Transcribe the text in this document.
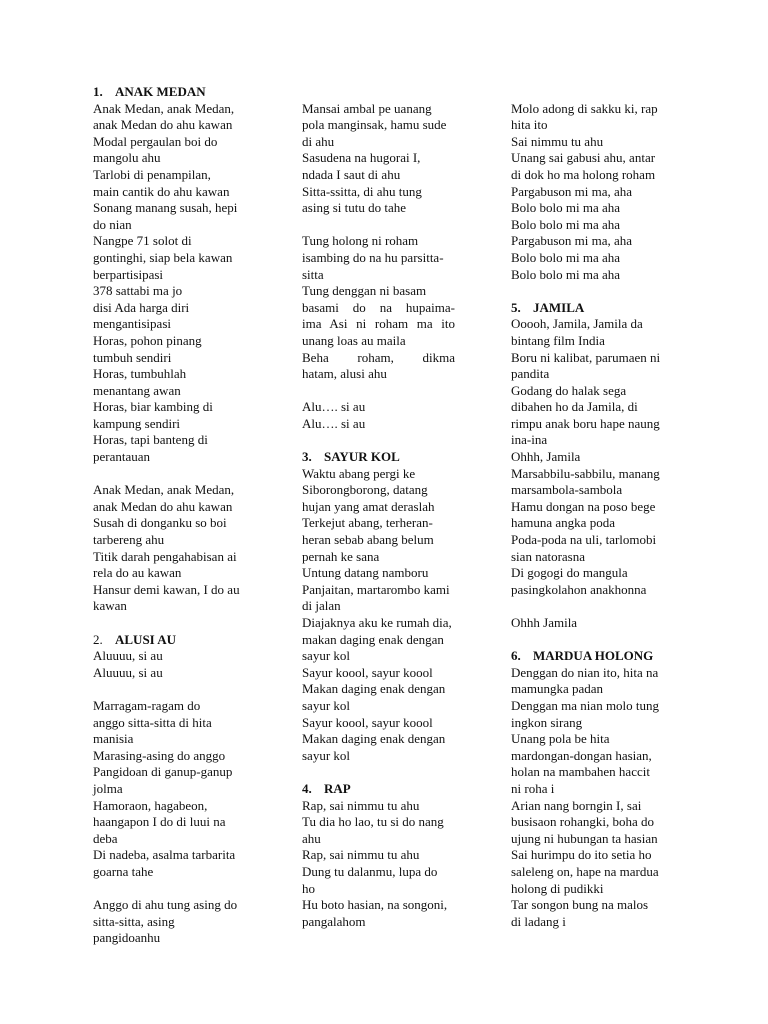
1. ANAK MEDAN

Anak Medan, anak Medan,

anak Medan do ahu kawan

Modal pergaulan boi do

mangolu ahu

Tarlobi di penampilan,

main cantik do ahu kawan

Sonang manang susah, hepi

do nian

Nangpe 71 solot di

gontinghi, siap bela kawan

berpartisipasi

378 sattabi ma jo

disi Ada harga diri

mengantisipasi

Horas, pohon pinang

tumbuh sendiri

Horas, tumbuhlah

menantang awan

Horas, biar kambing di

kampung sendiri

Horas, tapi banteng di

perantauan

Anak Medan, anak Medan,

anak Medan do ahu kawan

Susah di donganku so boi

tarbereng ahu

Titik darah pengahabisan ai

rela do au kawan

Hansur demi kawan, I do au

kawan

2. ALUSI AU

Aluuuu, si au

Aluuuu, si au

Marragam-ragam do

anggo sitta-sitta di hita

manisia

Marasing-asing do anggo

Pangidoan di ganup-ganup

jolma

Hamoraon, hagabeon,

haangapon I do di luui na

deba

Di nadeba, asalma tarbarita

goarna tahe

Anggo di ahu tung asing do

sitta-sitta, asing

pangidoanhu

Mansai ambal pe uanang

pola manginsak, hamu sude

di ahu

Sasudena na hugorai I,

ndada I saut di ahu

Sitta-ssitta, di ahu tung

asing si tutu do tahe

Tung holong ni roham

isambing do na hu parsitta-

sitta

Tung denggan ni basam

basami do na hupaima-

ima Asi ni roham ma ito

unang loas au maila

Beha roham, dikma

hatam, alusi ahu

Alu…. si au

Alu…. si au

3. SAYUR KOL

Waktu abang pergi ke

Siborongborong, datang

hujan yang amat deraslah

Terkejut abang, terheran-

heran sebab abang belum

pernah ke sana

Untung datang namboru

Panjaitan, martarombo kami

di jalan

Diajaknya aku ke rumah dia,

makan daging enak dengan

sayur kol

Sayur koool, sayur koool

Makan daging enak dengan

sayur kol

Sayur koool, sayur koool

Makan daging enak dengan

sayur kol

4. RAP

Rap, sai nimmu tu ahu

Tu dia ho lao, tu si do nang

ahu

Rap, sai nimmu tu ahu

Dung tu dalanmu, lupa do

ho

Hu boto hasian, na songoni,

pangalahom

Molo adong di sakku ki, rap

hita ito

Sai nimmu tu ahu

Unang sai gabusi ahu, antar

di dok ho ma holong roham

Pargabuson mi ma, aha

Bolo bolo mi ma aha

Bolo bolo mi ma aha

Pargabuson mi ma, aha

Bolo bolo mi ma aha

Bolo bolo mi ma aha

5. JAMILA

Ooooh, Jamila, Jamila da

bintang film India

Boru ni kalibat, parumaen ni

pandita

Godang do halak sega

dibahen ho da Jamila, di

rimpu anak boru hape naung

ina-ina

Ohhh, Jamila

Marsabbilu-sabbilu, manang

marsambola-sambola

Hamu dongan na poso bege

hamuna angka poda

Poda-poda na uli, tarlomobi

sian natorasna

Di gogogi do mangula

pasingkolahon anakhonna

Ohhh Jamila

6. MARDUA HOLONG

Denggan do nian ito, hita na

mamungka padan

Denggan ma nian molo tung

ingkon sirang

Unang pola be hita

mardongan-dongan hasian,

holan na mambahen haccit

ni roha i

Arian nang borngin I, sai

busisaon rohangki, boha do

ujung ni hubungan ta hasian

Sai hurimpu do ito setia ho

saleleng on, hape na mardua

holong di pudikki

Tar songon bung na malos

di ladang i
